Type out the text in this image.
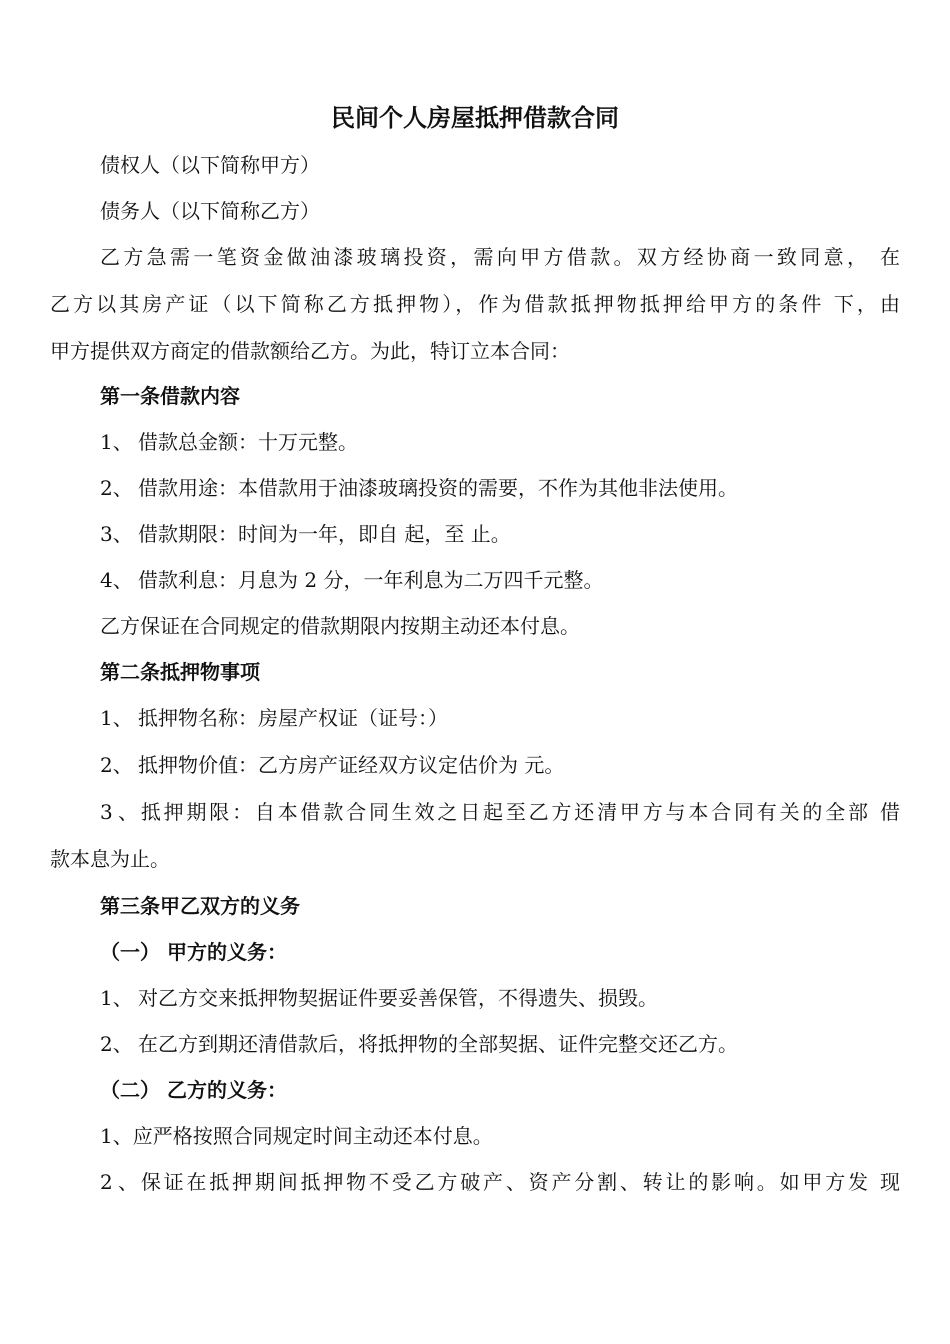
民间个人房屋抵押借款合同
债权人（以下简称甲方）
债务人（以下简称乙方）
乙方急需一笔资金做油漆玻璃投资，需向甲方借款。双方经协商一致同意， 在
乙方以其房产证（以下简称乙方抵押物），作为借款抵押物抵押给甲方的条件 下，由
甲方提供双方商定的借款额给乙方。为此，特订立本合同：
第一条借款内容
1、 借款总金额：十万元整。
2、 借款用途：本借款用于油漆玻璃投资的需要，不作为其他非法使用。
3、 借款期限：时间为一年，即自 起，至 止。
4、 借款利息：月息为 2 分，一年利息为二万四千元整。
乙方保证在合同规定的借款期限内按期主动还本付息。
第二条抵押物事项
1、 抵押物名称：房屋产权证（证号：）
2、 抵押物价值：乙方房产证经双方议定估价为 元。
3、抵押期限：自本借款合同生效之日起至乙方还清甲方与本合同有关的全部 借
款本息为止。
第三条甲乙双方的义务
（一） 甲方的义务：
1、 对乙方交来抵押物契据证件要妥善保管，不得遗失、损毁。
2、 在乙方到期还清借款后，将抵押物的全部契据、证件完整交还乙方。
（二） 乙方的义务：
1、应严格按照合同规定时间主动还本付息。
2、保证在抵押期间抵押物不受乙方破产、资产分割、转让的影响。如甲方发 现
